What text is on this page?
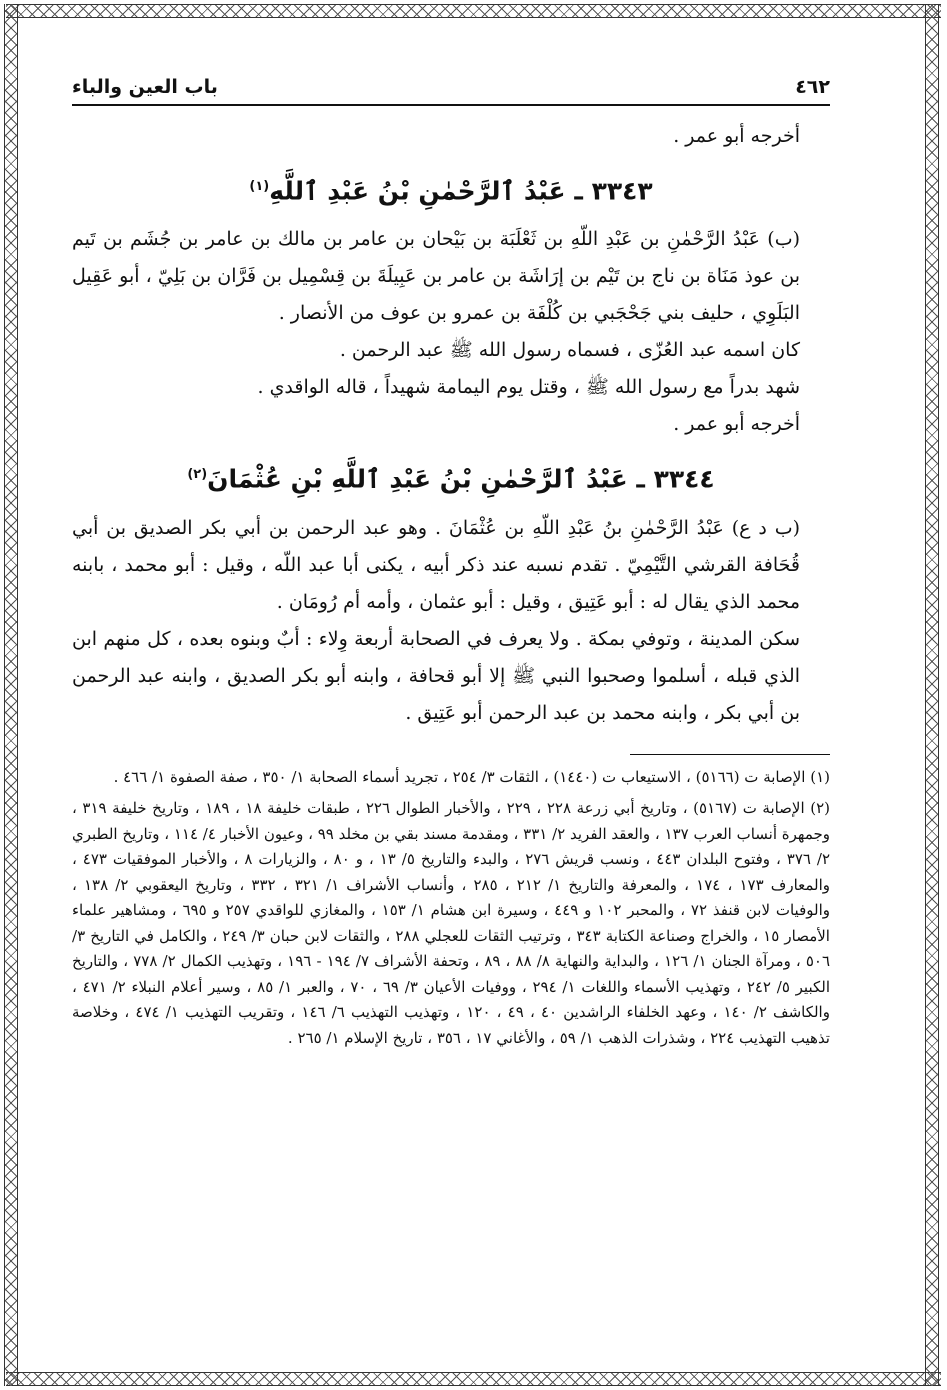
٤٦٢
باب العين والباء

أخرجه أبو عمر .

٣٣٤٣ ـ عَبْدُ ٱلرَّحْمٰنِ بْنُ عَبْدِ ٱللَّهِ$^{(١)}$

(ب) عَبْدُ الرَّحْمٰنِ بن عَبْدِ اللّهِ بن ثَعْلَبَة بن بَيْحان بن عامر بن مالك بن عامر بن جُشَم بن تَيم بن عوذ مَنَاة بن ناج بن تَيْم بن إرَاشَة بن عامر بن عَبِيلَةَ بن قِسْمِيل بن فَرَّان بن بَلِيّ ، أبو عَقِيل البَلَوِي ، حليف بني جَحْجَبي بن كُلْفَة بن عمرو بن عوف من الأنصار .

كان اسمه عبد العُزّى ، فسماه رسول الله ﷺ عبد الرحمن .

شهد بدراً مع رسول الله ﷺ ، وقتل يوم اليمامة شهيداً ، قاله الواقدي .

أخرجه أبو عمر .

٣٣٤٤ ـ عَبْدُ ٱلرَّحْمٰنِ بْنُ عَبْدِ ٱللَّهِ بْنِ عُثْمَانَ$^{(٢)}$

(ب د ع) عَبْدُ الرَّحْمٰنِ بنُ عَبْدِ اللّهِ بن عُثْمَانَ . وهو عبد الرحمن بن أبي بكر الصديق بن أبي قُحَافة القرشي التَّيْمِيّ . تقدم نسبه عند ذكر أبيه ، يكنى أبا عبد اللّه ، وقيل : أبو محمد ، بابنه محمد الذي يقال له : أبو عَتِيق ، وقيل : أبو عثمان ، وأمه أم رُومَان .

سكن المدينة ، وتوفي بمكة . ولا يعرف في الصحابة أربعة وِلاء : أبٌ وبنوه بعده ، كل منهم ابن الذي قبله ، أسلموا وصحبوا النبي ﷺ إلا أبو قحافة ، وابنه أبو بكر الصديق ، وابنه عبد الرحمن بن أبي بكر ، وابنه محمد بن عبد الرحمن أبو عَتِيق .

(١) الإصابة ت (٥١٦٦) ، الاستيعاب ت (١٤٤٠) ، الثقات ٣/ ٢٥٤ ، تجريد أسماء الصحابة ١/ ٣٥٠ ، صفة الصفوة ١/ ٤٦٦ .

(٢) الإصابة ت (٥١٦٧) ، وتاريخ أبي زرعة ٢٢٨ ، ٢٢٩ ، والأخبار الطوال ٢٢٦ ، طبقات خليفة ١٨ ، ١٨٩ ، وتاريخ خليفة ٣١٩ ، وجمهرة أنساب العرب ١٣٧ ، والعقد الفريد ٢/ ٣٣١ ، ومقدمة مسند بقي بن مخلد ٩٩ ، وعيون الأخبار ٤/ ١١٤ ، وتاريخ الطبري ٢/ ٣٧٦ ، وفتوح البلدان ٤٤٣ ، ونسب قريش ٢٧٦ ، والبدء والتاريخ ٥/ ١٣ ، و ٨٠ ، والزيارات ٨ ، والأخبار الموفقيات ٤٧٣ ، والمعارف ١٧٣ ، ١٧٤ ، والمعرفة والتاريخ ١/ ٢١٢ ، ٢٨٥ ، وأنساب الأشراف ١/ ٣٢١ ، ٣٣٢ ، وتاريخ اليعقوبي ٢/ ١٣٨ ، والوفيات لابن قنفذ ٧٢ ، والمحبر ١٠٢ و ٤٤٩ ، وسيرة ابن هشام ١/ ١٥٣ ، والمغازي للواقدي ٢٥٧ و ٦٩٥ ، ومشاهير علماء الأمصار ١٥ ، والخراج وصناعة الكتابة ٣٤٣ ، وترتيب الثقات للعجلي ٢٨٨ ، والثقات لابن حبان ٣/ ٢٤٩ ، والكامل في التاريخ ٣/ ٥٠٦ ، ومرآة الجنان ١/ ١٢٦ ، والبداية والنهاية ٨/ ٨٨ ، ٨٩ ، وتحفة الأشراف ٧/ ١٩٤ - ١٩٦ ، وتهذيب الكمال ٢/ ٧٧٨ ، والتاريخ الكبير ٥/ ٢٤٢ ، وتهذيب الأسماء واللغات ١/ ٢٩٤ ، ووفيات الأعيان ٣/ ٦٩ ، ٧٠ ، والعبر ١/ ٨٥ ، وسير أعلام النبلاء ٢/ ٤٧١ ، والكاشف ٢/ ١٤٠ ، وعهد الخلفاء الراشدين ٤٠ ، ٤٩ ، ١٢٠ ، وتهذيب التهذيب ٦/ ١٤٦ ، وتقريب التهذيب ١/ ٤٧٤ ، وخلاصة تذهيب التهذيب ٢٢٤ ، وشذرات الذهب ١/ ٥٩ ، والأغاني ١٧ ، ٣٥٦ ، تاريخ الإسلام ١/ ٢٦٥ .
